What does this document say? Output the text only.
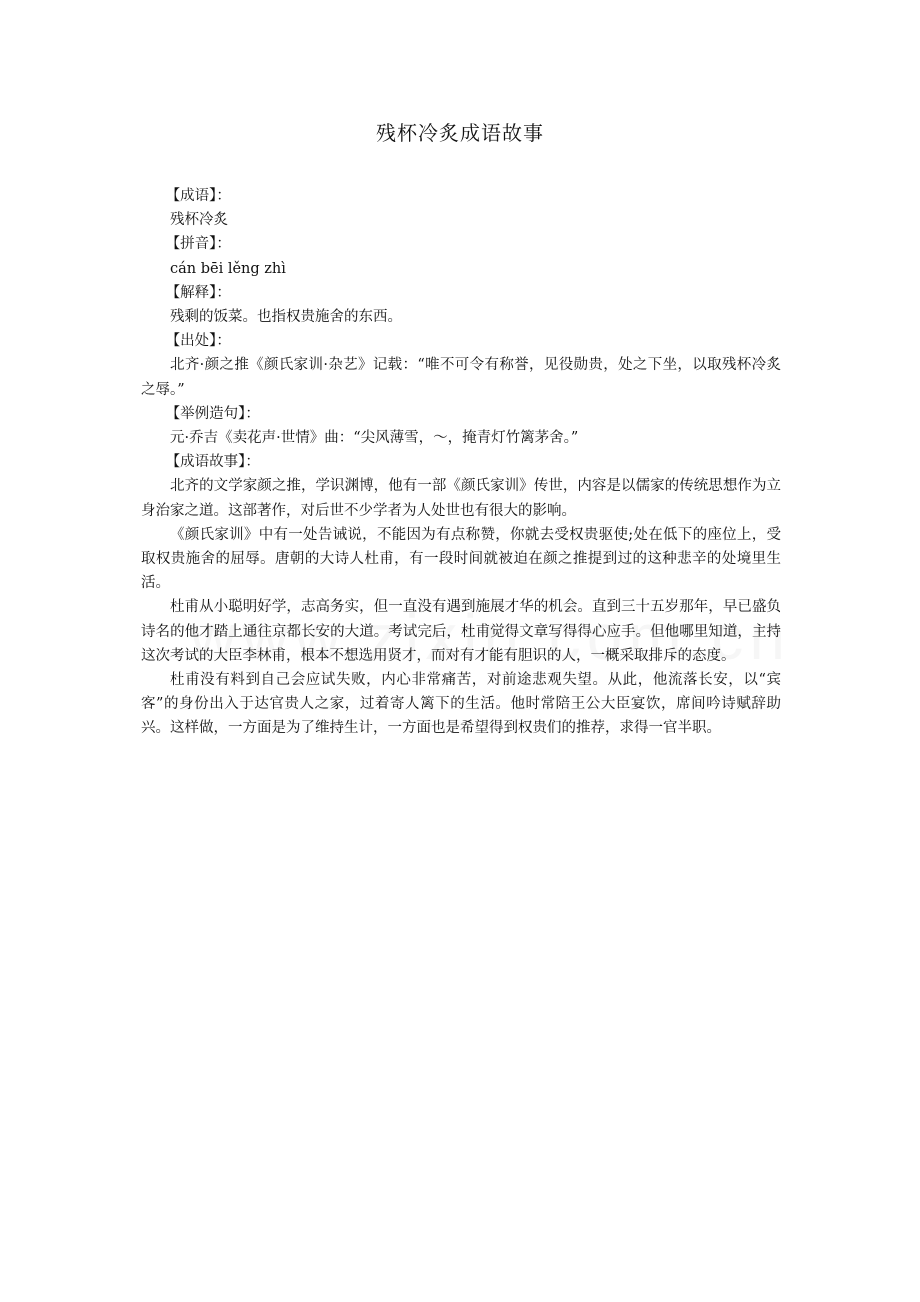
残杯冷炙成语故事

【成语】：

残杯冷炙

【拼音】：

cán bēi lěng zhì

【解释】：

残剩的饭菜。也指权贵施舍的东西。

【出处】：

北齐·颜之推《颜氏家训·杂艺》记载：“唯不可令有称誉，见役勋贵，处之下坐，以取残杯冷炙之辱。”

【举例造句】：

元·乔吉《卖花声·世情》曲：“尖风薄雪，～，掩青灯竹篱茅舍。”

【成语故事】：

北齐的文学家颜之推，学识渊博，他有一部《颜氏家训》传世，内容是以儒家的传统思想作为立身治家之道。这部著作，对后世不少学者为人处世也有很大的影响。

《颜氏家训》中有一处告诫说，不能因为有点称赞，你就去受权贵驱使;处在低下的座位上，受取权贵施舍的屈辱。唐朝的大诗人杜甫，有一段时间就被迫在颜之推提到过的这种悲辛的处境里生活。

杜甫从小聪明好学，志高务实，但一直没有遇到施展才华的机会。直到三十五岁那年，早已盛负诗名的他才踏上通往京都长安的大道。考试完后，杜甫觉得文章写得得心应手。但他哪里知道，主持这次考试的大臣李林甫，根本不想选用贤才，而对有才能有胆识的人，一概采取排斥的态度。

杜甫没有料到自己会应试失败，内心非常痛苦，对前途悲观失望。从此，他流落长安，以“宾客”的身份出入于达官贵人之家，过着寄人篱下的生活。他时常陪王公大臣宴饮，席间吟诗赋辞助兴。这样做，一方面是为了维持生计，一方面也是希望得到权贵们的推荐，求得一官半职。
